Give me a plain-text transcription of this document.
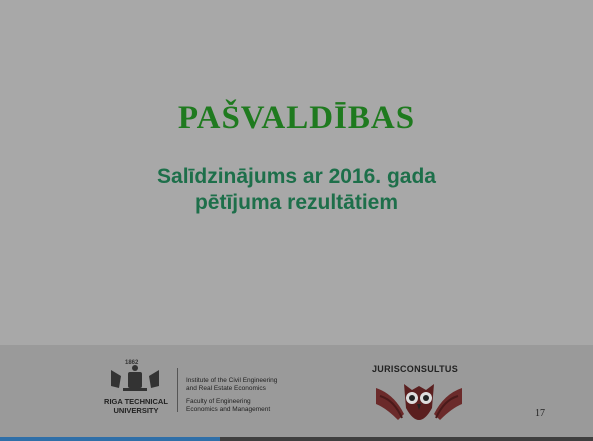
PAŠVALDĪBAS
Salīdzinājums ar 2016. gada
pētījuma rezultātiem
1862
RIGA TECHNICAL
UNIVERSITY
Institute of the Civil Engineering
and Real Estate Economics
Faculty of Engineering
Economics and Management
JURISCONSULTUS
17
